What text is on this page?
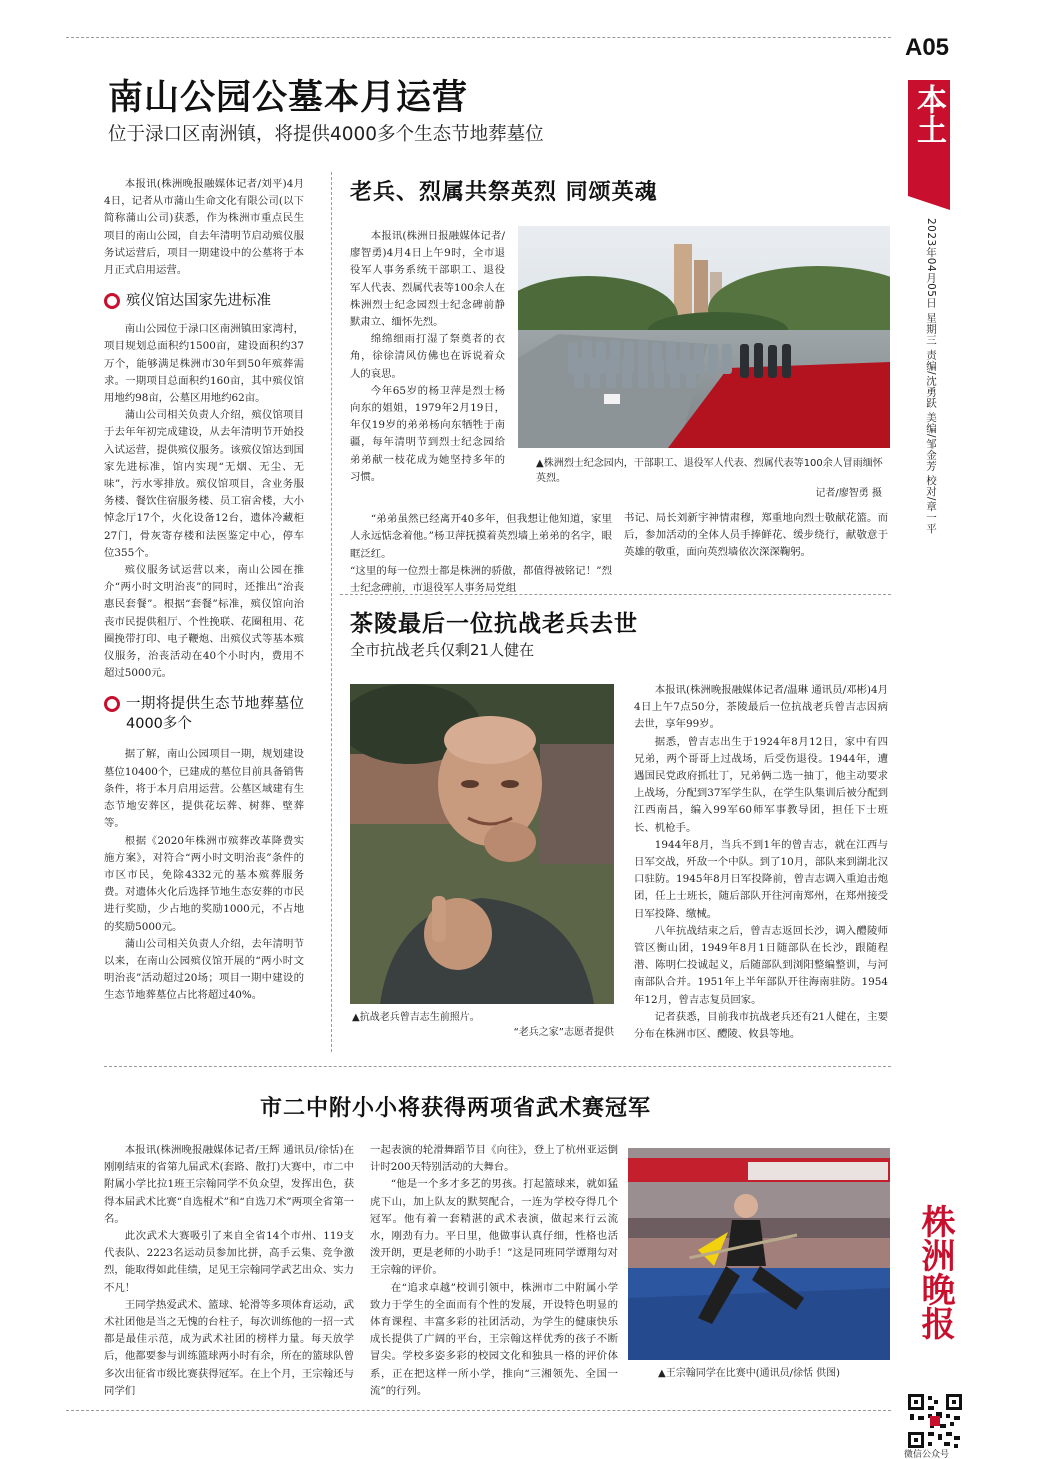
A05
本土
2023年04月05日 星期三 责编/沈勇跃 美编/邹金芳 校对/章一平
南山公园公墓本月运营
位于渌口区南洲镇，将提供4000多个生态节地葬墓位

本报讯(株洲晚报融媒体记者/刘平)4月4日，记者从市蒲山生命文化有限公司(以下简称蒲山公司)获悉，作为株洲市重点民生项目的南山公园，自去年清明节启动殡仪服务试运营后，项目一期建设中的公墓将于本月正式启用运营。

殡仪馆达国家先进标准

南山公园位于渌口区南洲镇田家湾村，项目规划总面积约1500亩，建设面积约37万个，能够满足株洲市30年到50年殡葬需求。一期项目总面积约160亩，其中殡仪馆用地约98亩，公墓区用地约62亩。

蒲山公司相关负责人介绍，殡仪馆项目于去年年初完成建设，从去年清明节开始投入试运营，提供殡仪服务。该殡仪馆达到国家先进标准，馆内实现“无烟、无尘、无味”，污水零排放。殡仪馆项目，含业务服务楼、餐饮住宿服务楼、员工宿舍楼，大小悼念厅17个，火化设备12台，遗体冷藏柜27门，骨灰寄存楼和法医鉴定中心，停车位355个。

殡仪服务试运营以来，南山公园在推介“两小时文明治丧”的同时，还推出“治丧惠民套餐”。根据“套餐”标准，殡仪馆向治丧市民提供租厅、个性挽联、花圈租用、花圈挽带打印、电子鞭炮、出殡仪式等基本殡仪服务，治丧活动在40个小时内，费用不超过5000元。

一期将提供生态节地葬墓位4000多个

据了解，南山公园项目一期，规划建设墓位10400个，已建成的墓位目前具备销售条件，将于本月启用运营。公墓区域建有生态节地安葬区，提供花坛葬、树葬、壁葬等。

根据《2020年株洲市殡葬改革降费实施方案》，对符合“两小时文明治丧”条件的市区市民，免除4332元的基本殡葬服务费。对遗体火化后选择节地生态安葬的市民进行奖励，少占地的奖励1000元，不占地的奖励5000元。

蒲山公司相关负责人介绍，去年清明节以来，在南山公园殡仪馆开展的“两小时文明治丧”活动超过20场；项目一期中建设的生态节地葬墓位占比将超过40%。

老兵、烈属共祭英烈 同颂英魂

本报讯(株洲日报融媒体记者/廖智勇)4月4日上午9时，全市退役军人事务系统干部职工、退役军人代表、烈属代表等100余人在株洲烈士纪念园烈士纪念碑前静默肃立、缅怀先烈。

绵绵细雨打湿了祭奠者的衣角，徐徐清风仿佛也在诉说着众人的哀思。

今年65岁的杨卫萍是烈士杨向东的姐姐，1979年2月19日，年仅19岁的弟弟杨向东牺牲于南疆，每年清明节到烈士纪念园给弟弟献一枝花成为她坚持多年的习惯。

▲株洲烈士纪念园内，干部职工、退役军人代表、烈属代表等100余人冒雨缅怀英烈。
记者/廖智勇 摄

“弟弟虽然已经离开40多年，但我想让他知道，家里人永远惦念着他。”杨卫萍抚摸着英烈墙上弟弟的名字，眼眶泛红。
“这里的每一位烈士都是株洲的骄傲，都值得被铭记！”烈士纪念碑前，市退役军人事务局党组

书记、局长刘新宇神情肃穆，郑重地向烈士敬献花篮。而后，参加活动的全体人员手捧鲜花、缓步绕行，献敬意于英雄的敬重，面向英烈墙依次深深鞠躬。

茶陵最后一位抗战老兵去世
全市抗战老兵仅剩21人健在
▲抗战老兵曾吉志生前照片。
“老兵之家”志愿者提供

本报讯(株洲晚报融媒体记者/温琳 通讯员/邓彬)4月4日上午7点50分，茶陵最后一位抗战老兵曾吉志因病去世，享年99岁。

据悉，曾吉志出生于1924年8月12日，家中有四兄弟，两个哥哥上过战场，后受伤退役。1944年，遭遇国民党政府抓壮丁，兄弟俩二选一抽丁，他主动要求上战场，分配到37军学生队，在学生队集训后被分配到江西南昌，编入99军60师军事教导团，担任下士班长、机枪手。

1944年8月，当兵不到1年的曾吉志，就在江西与日军交战，歼敌一个中队。到了10月，部队来到湖北汉口驻防。1945年8月日军投降前，曾吉志调入重迫击炮团，任上士班长，随后部队开往河南郑州，在郑州接受日军投降、缴械。

八年抗战结束之后，曾吉志返回长沙，调入醴陵师管区衡山团，1949年8月1日随部队在长沙，跟随程潜、陈明仁投诚起义，后随部队到浏阳整编整训，与河南部队合并。1951年上半年部队开往海南驻防。1954年12月，曾吉志复员回家。

记者获悉，目前我市抗战老兵还有21人健在，主要分布在株洲市区、醴陵、攸县等地。

市二中附小小将获得两项省武术赛冠军

本报讯(株洲晚报融媒体记者/王辉 通讯员/徐恬)在刚刚结束的省第九届武术(套路、散打)大赛中，市二中附属小学比拉1班王宗翰同学不负众望，发挥出色，获得本届武术比赛“自选棍术”和“自选刀术”两项全省第一名。

此次武术大赛吸引了来自全省14个市州、119支代表队、2223名运动员参加比拼，高手云集、竞争激烈，能取得如此佳绩，足见王宗翰同学武艺出众、实力不凡！

王同学热爱武术、篮球、轮滑等多项体育运动，武术社团他是当之无愧的台柱子，每次训练他的一招一式都是最佳示范，成为武术社团的榜样力量。每天放学后，他都要参与训练篮球两小时有余，所在的篮球队曾多次出征省市级比赛获得冠军。在上个月，王宗翰还与同学们

一起表演的轮滑舞蹈节目《向往》，登上了杭州亚运倒计时200天特别活动的大舞台。

“他是一个多才多艺的男孩。打起篮球来，就如猛虎下山，加上队友的默契配合，一连为学校夺得几个冠军。他有着一套精湛的武术表演，做起来行云流水，刚劲有力。平日里，他做事认真仔细，性格也活泼开朗，更是老师的小助手！”这是同班同学谭翔勾对王宗翰的评价。

在“追求卓越”校训引领中，株洲市二中附属小学致力于学生的全面而有个性的发展，开设特色明显的体育课程、丰富多彩的社团活动，为学生的健康快乐成长提供了广阔的平台，王宗翰这样优秀的孩子不断冒尖。学校多姿多彩的校园文化和独具一格的评价体系，正在把这样一所小学，推向“三湘领先、全国一流”的行列。

▲王宗翰同学在比赛中(通讯员/徐恬 供图)
株洲晚报
微信公众号
